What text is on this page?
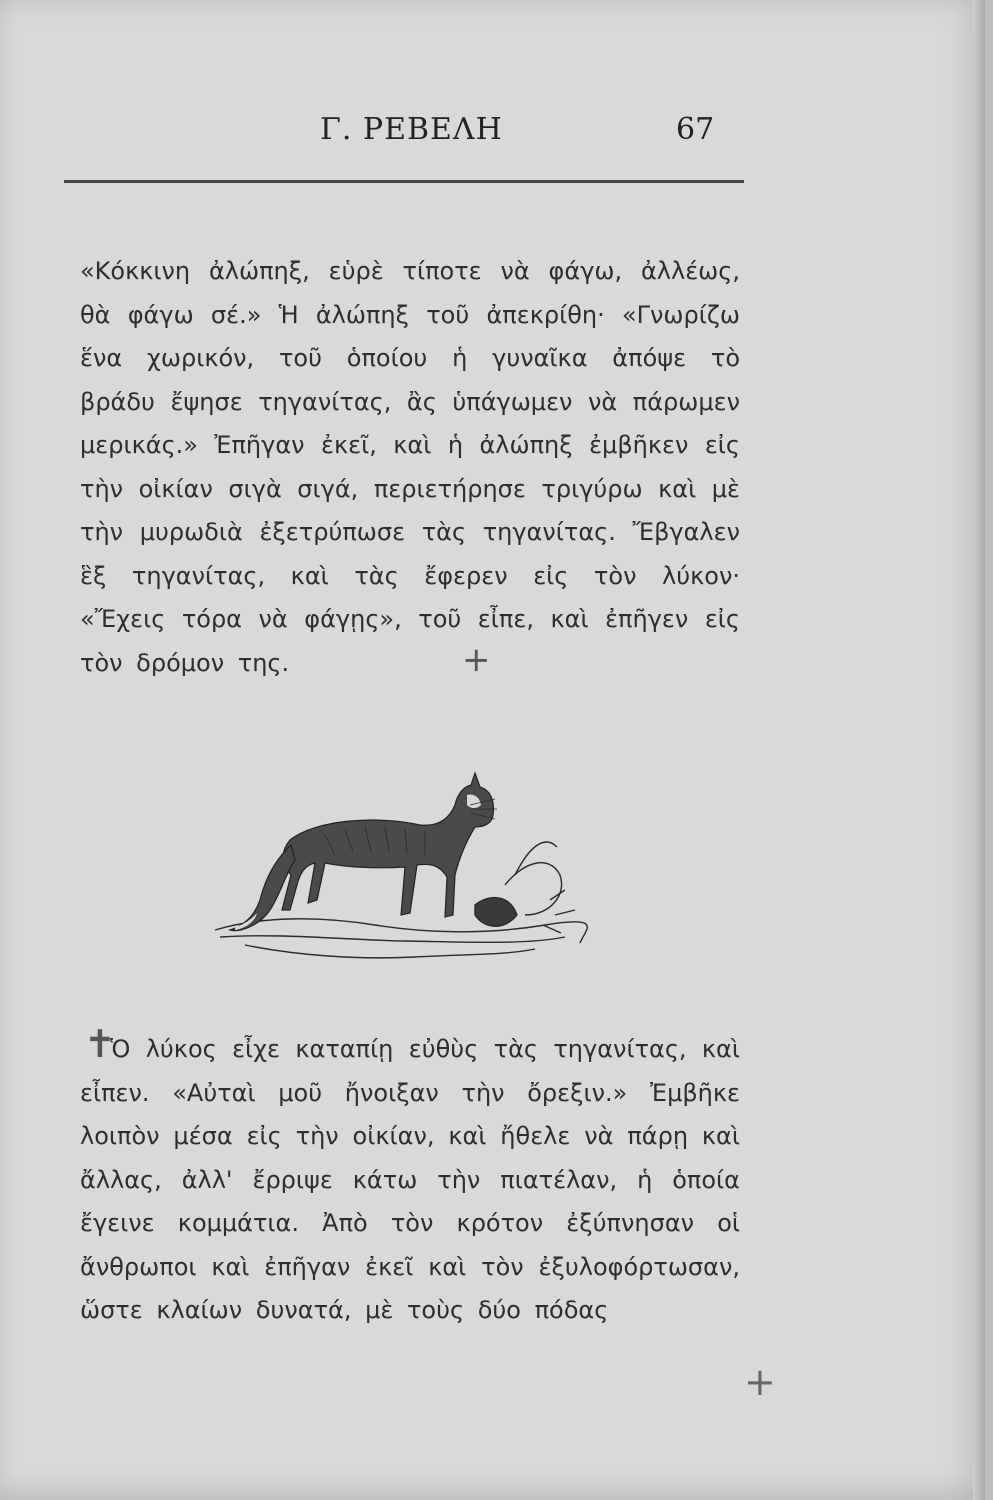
Γ. ΡΕΒΕΛΗ	67

«Κόκκινη ἀλώπηξ, εὑρὲ τίποτε νὰ φάγω, ἀλλέως, θὰ φάγω σέ.» Ἡ ἀλώπηξ τοῦ ἀπεκρίθη· «Γνωρίζω ἕνα χωρικόν, τοῦ ὁποίου ἡ γυναῖκα ἀπόψε τὸ βράδυ ἔψησε τηγανίτας, ἂς ὑπάγωμεν νὰ πάρωμεν μερικάς.» Ἐπῆγαν ἐκεῖ, καὶ ἡ ἀλώπηξ ἐμβῆκεν εἰς τὴν οἰκίαν σιγὰ σιγά, περιετήρησε τριγύρω καὶ μὲ τὴν μυρωδιὰ ἐξετρύπωσε τὰς τηγανίτας. Ἔβγαλεν ἓξ τηγανίτας, καὶ τὰς ἔφερεν εἰς τὸν λύκον· «Ἔχεις τόρα νὰ φάγῃς», τοῦ εἶπε, καὶ ἐπῆγεν εἰς τὸν δρόμον της.	+
✝

Ὁ λύκος εἶχε καταπίῃ εὐθὺς τὰς τηγανίτας, καὶ εἶπεν. «Αὐταὶ μοῦ ἤνοιξαν τὴν ὄρεξιν.» Ἐμβῆκε λοιπὸν μέσα εἰς τὴν οἰκίαν, καὶ ἤθελε νὰ πάρῃ καὶ ἄλλας, ἀλλ' ἔρριψε κάτω τὴν πιατέλαν, ἡ ὁποία ἔγεινε κομμάτια. Ἀπὸ τὸν κρότον ἐξύπνησαν οἱ ἄνθρωποι καὶ ἐπῆγαν ἐκεῖ καὶ τὸν ἐξυλοφόρτωσαν, ὥστε κλαίων δυνατά, μὲ τοὺς δύο πόδας

+
